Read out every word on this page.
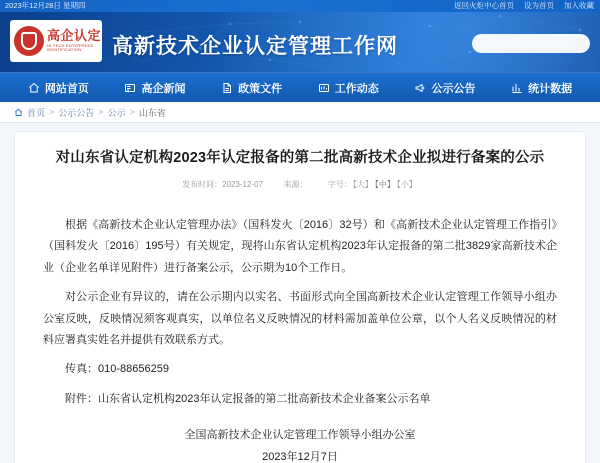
2023年12月28日 星期四	返回火炬中心首页 设为首页 加入收藏
高企认定
HI-TECH ENTERPRISE IDENTIFICATION	高新技术企业认定管理工作网
网站首页	高企新闻	政策文件	工作动态	公示公告	统计数据
首页 > 公示公告 > 公示 > 山东省
对山东省认定机构2023年认定报备的第二批高新技术企业拟进行备案的公示
发布时间：2023-12-07	来源：	字号：【大】 【中】 【小】

根据《高新技术企业认定管理办法》（国科发火〔2016〕32号）和《高新技术企业认定管理工作指引》（国科发火〔2016〕195号）有关规定，现将山东省认定机构2023年认定报备的第二批3829家高新技术企业（企业名单详见附件）进行备案公示，公示期为10个工作日。

对公示企业有异议的，请在公示期内以实名、书面形式向全国高新技术企业认定管理工作领导小组办公室反映，反映情况须客观真实，以单位名义反映情况的材料需加盖单位公章，以个人名义反映情况的材料应署真实姓名并提供有效联系方式。

传真：010-88656259

附件：山东省认定机构2023年认定报备的第二批高新技术企业备案公示名单

全国高新技术企业认定管理工作领导小组办公室
2023年12月7日
